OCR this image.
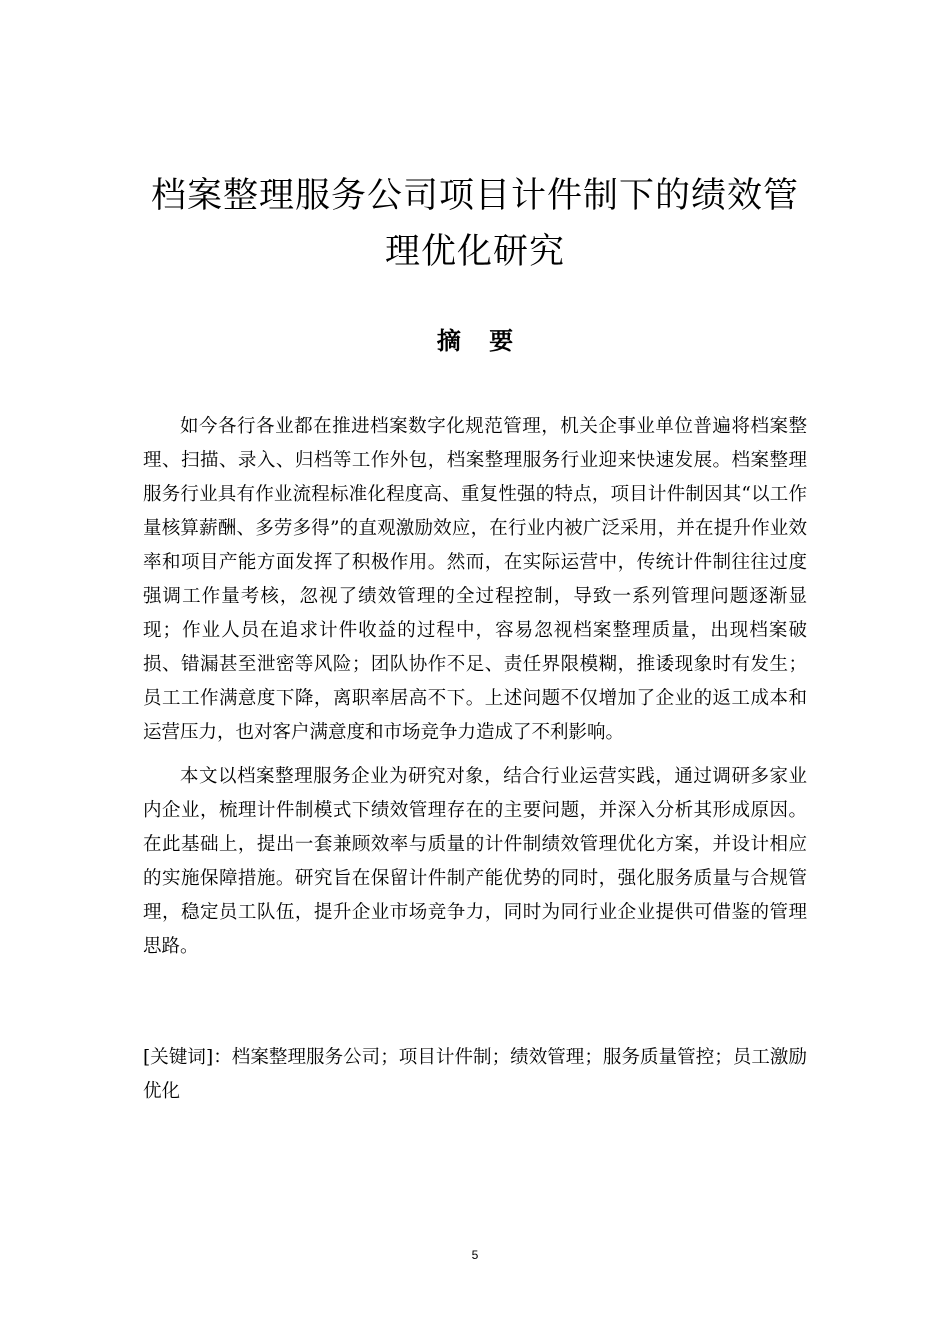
档案整理服务公司项目计件制下的绩效管理优化研究
摘 要

如今各行各业都在推进档案数字化规范管理，机关企事业单位普遍将档案整理、扫描、录入、归档等工作外包，档案整理服务行业迎来快速发展。档案整理服务行业具有作业流程标准化程度高、重复性强的特点，项目计件制因其“以工作量核算薪酬、多劳多得”的直观激励效应，在行业内被广泛采用，并在提升作业效率和项目产能方面发挥了积极作用。然而，在实际运营中，传统计件制往往过度强调工作量考核，忽视了绩效管理的全过程控制，导致一系列管理问题逐渐显现；作业人员在追求计件收益的过程中，容易忽视档案整理质量，出现档案破损、错漏甚至泄密等风险；团队协作不足、责任界限模糊，推诿现象时有发生；员工工作满意度下降，离职率居高不下。上述问题不仅增加了企业的返工成本和运营压力，也对客户满意度和市场竞争力造成了不利影响。

本文以档案整理服务企业为研究对象，结合行业运营实践，通过调研多家业内企业，梳理计件制模式下绩效管理存在的主要问题，并深入分析其形成原因。在此基础上，提出一套兼顾效率与质量的计件制绩效管理优化方案，并设计相应的实施保障措施。研究旨在保留计件制产能优势的同时，强化服务质量与合规管理，稳定员工队伍，提升企业市场竞争力，同时为同行业企业提供可借鉴的管理思路。

[关键词]：档案整理服务公司；项目计件制；绩效管理；服务质量管控；员工激励优化

5
